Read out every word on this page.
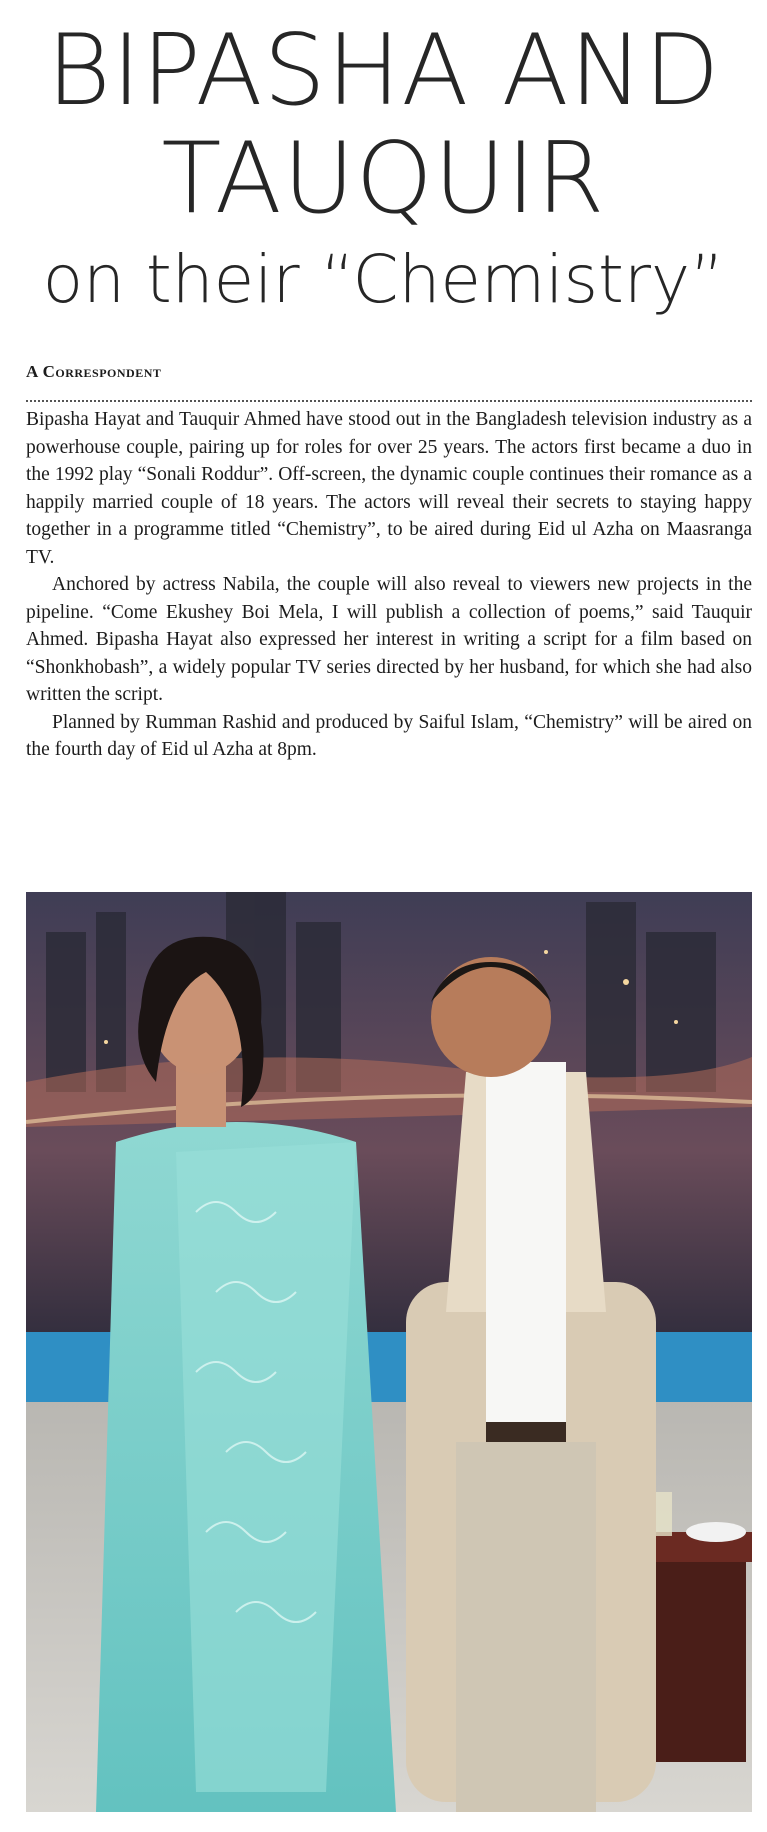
BIPASHA AND
TAUQUIR
on their “Chemistry”
A Correspondent

Bipasha Hayat and Tauquir Ahmed have stood out in the Bangladesh television industry as a powerhouse couple, pairing up for roles for over 25 years. The actors first became a duo in the 1992 play “Sonali Roddur”. Off-screen, the dynamic couple continues their romance as a happily married couple of 18 years. The actors will reveal their secrets to staying happy together in a programme titled “Chemistry”, to be aired during Eid ul Azha on Maasranga TV.

Anchored by actress Nabila, the couple will also reveal to viewers new projects in the pipeline. “Come Ekushey Boi Mela, I will publish a collection of poems,” said Tauquir Ahmed. Bipasha Hayat also expressed her interest in writing a script for a film based on “Shonkhobash”, a widely popular TV series directed by her husband, for which she had also written the script.

Planned by Rumman Rashid and produced by Saiful Islam, “Chemistry” will be aired on the fourth day of Eid ul Azha at 8pm.
